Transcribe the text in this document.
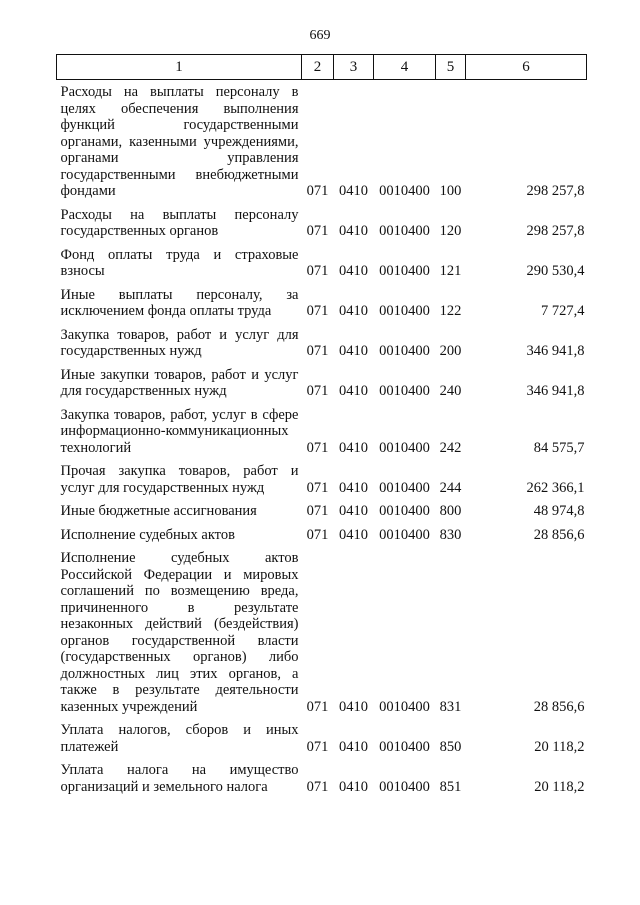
669
1	2	3	4	5	6
Расходы на выплаты персоналу в целях обеспечения выполнения функций государственными органами, казенными учреждениями, органами управления государственными внебюджетными фондами	071	0410	0010400	100	298 257,8
Расходы на выплаты персоналу государственных органов	071	0410	0010400	120	298 257,8
Фонд оплаты труда и страховые взносы	071	0410	0010400	121	290 530,4
Иные выплаты персоналу, за исключением фонда оплаты труда	071	0410	0010400	122	7 727,4
Закупка товаров, работ и услуг для государственных нужд	071	0410	0010400	200	346 941,8
Иные закупки товаров, работ и услуг для государственных нужд	071	0410	0010400	240	346 941,8
Закупка товаров, работ, услуг в сфере информационно-коммуникационных технологий	071	0410	0010400	242	84 575,7
Прочая закупка товаров, работ и услуг для государственных нужд	071	0410	0010400	244	262 366,1
Иные бюджетные ассигнования	071	0410	0010400	800	48 974,8
Исполнение судебных актов	071	0410	0010400	830	28 856,6
Исполнение судебных актов Российской Федерации и мировых соглашений по возмещению вреда, причиненного в результате незаконных действий (бездействия) органов государственной власти (государственных органов) либо должностных лиц этих органов, а также в результате деятельности казенных учреждений	071	0410	0010400	831	28 856,6
Уплата налогов, сборов и иных платежей	071	0410	0010400	850	20 118,2
Уплата налога на имущество организаций и земельного налога	071	0410	0010400	851	20 118,2
